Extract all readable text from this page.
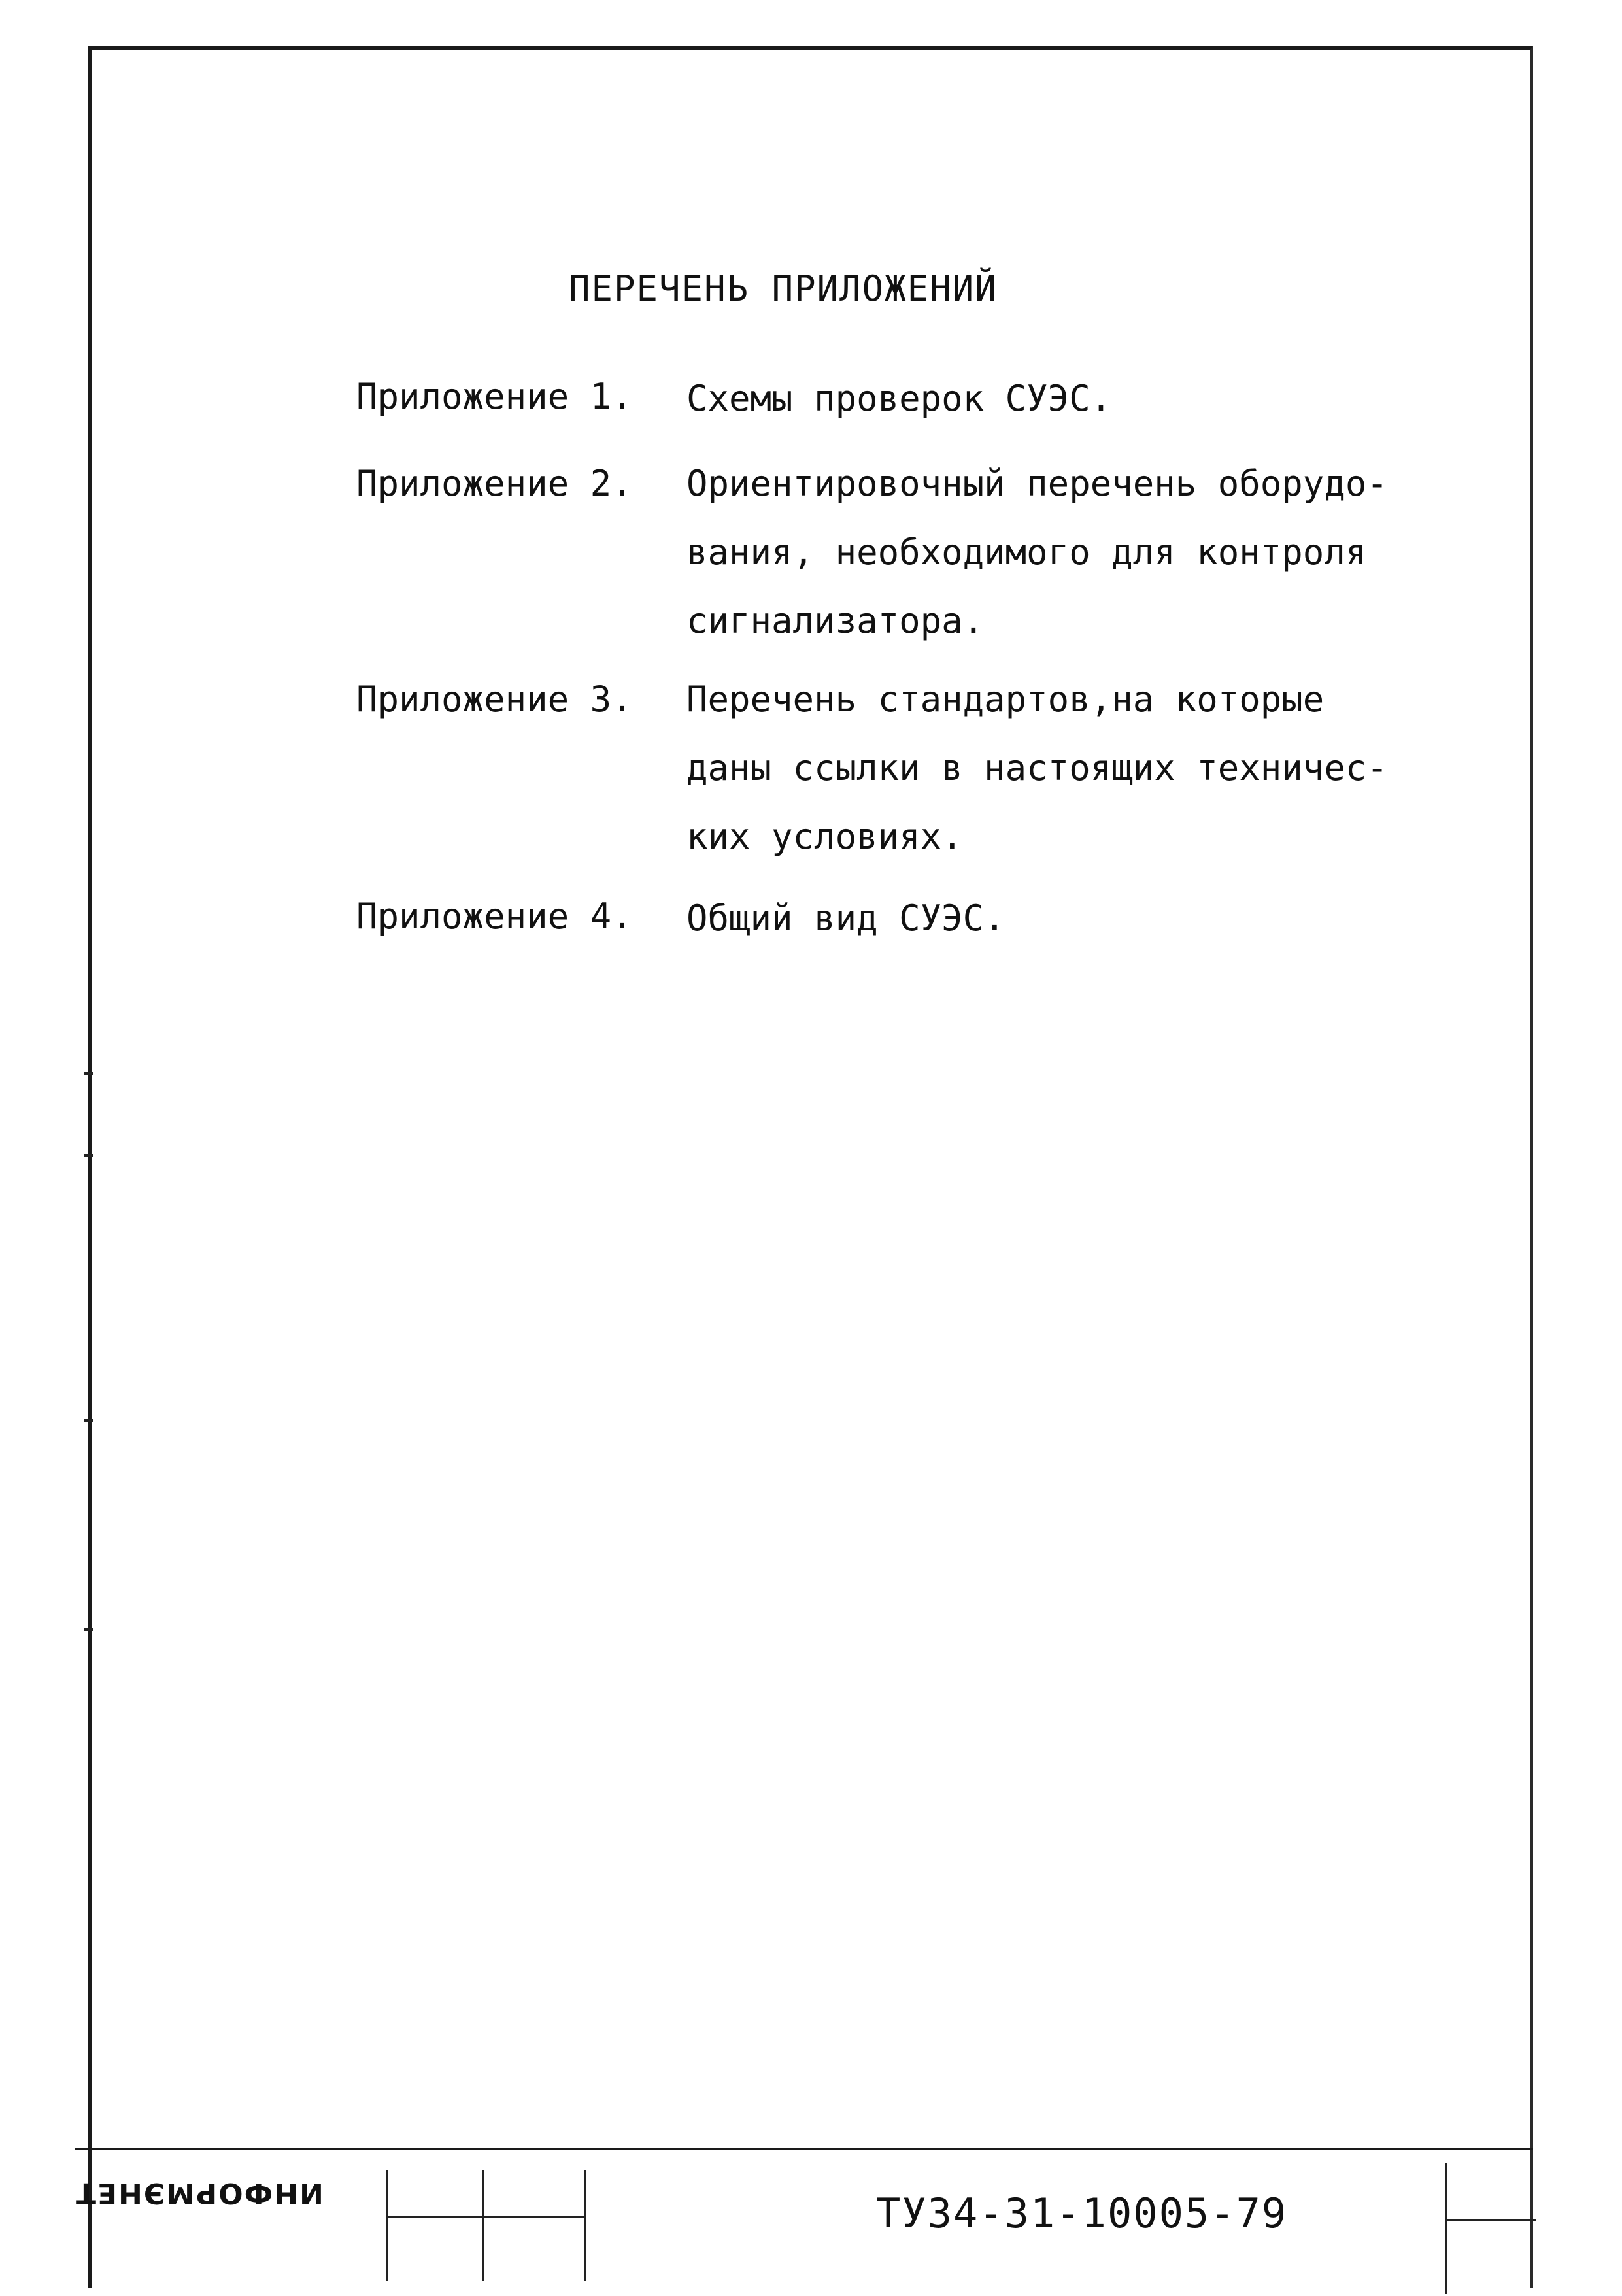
ПЕРЕЧЕНЬ ПРИЛОЖЕНИЙ
Приложение 1. Схемы проверок СУЭС.
Приложение 2. Ориентировочный перечень оборудо-
вания, необходимого для контроля
сигнализатора.
Приложение 3. Перечень стандартов,на которые
даны ссылки в настоящих техничес-
ких условиях.
Приложение 4. Общий вид СУЭС.
ИНФОРМЭНЕТ	ТУ34-31-10005-79
